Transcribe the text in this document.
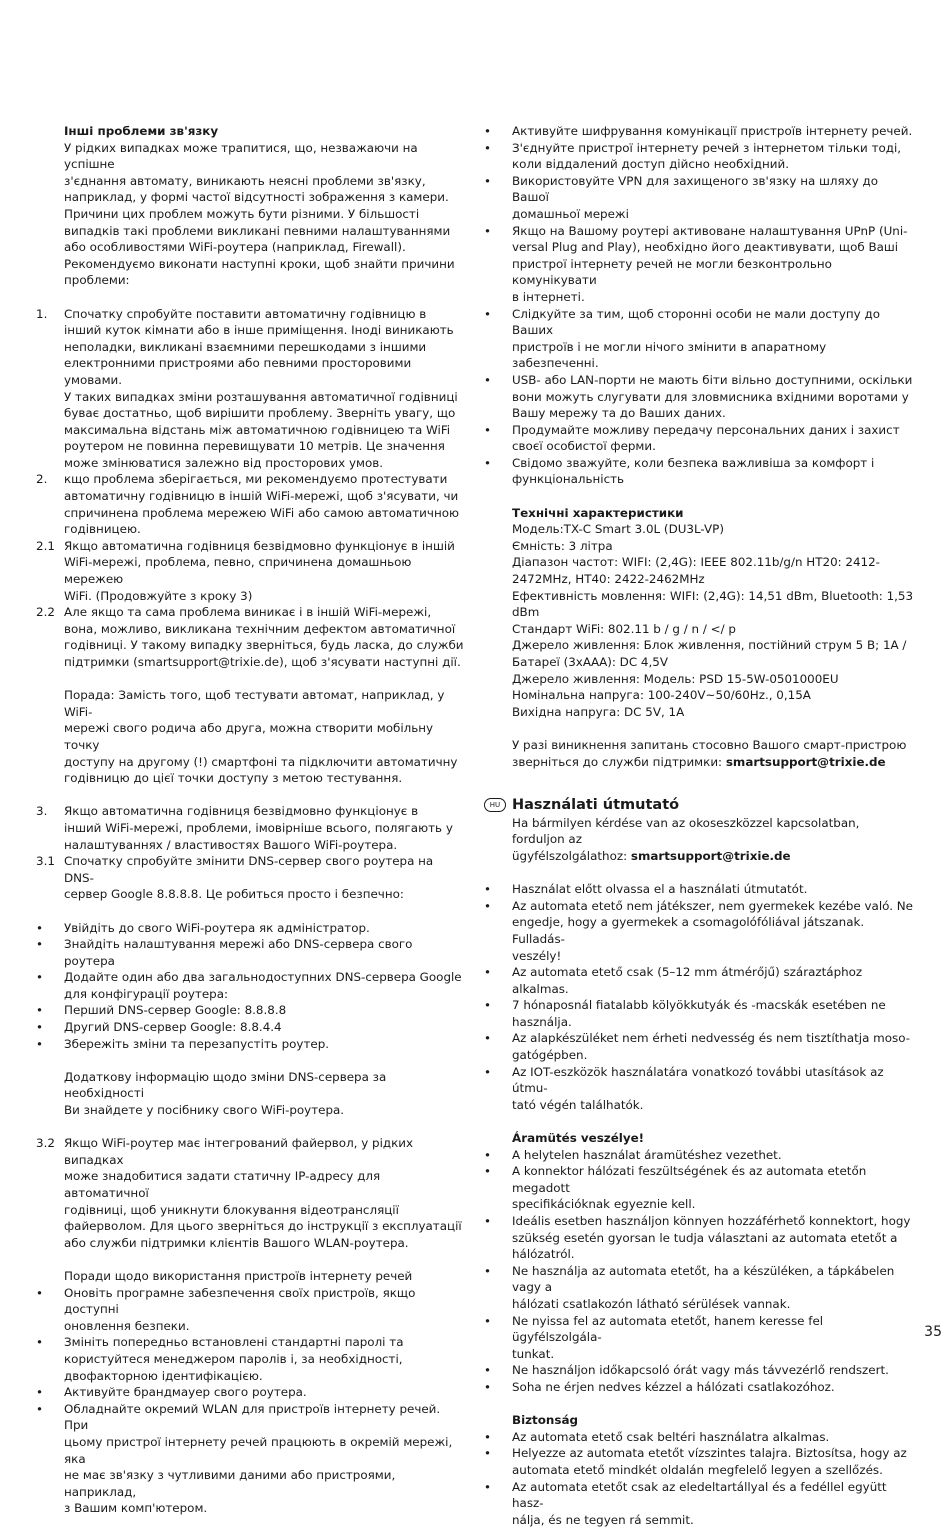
Інші проблеми зв'язку
У рідких випадках може трапитися, що, незважаючи на успішне
з'єднання автомату, виникають неясні проблеми зв'язку,
наприклад, у формі частої відсутності зображення з камери.
Причини цих проблем можуть бути різними. У більшості
випадків такі проблеми викликані певними налаштуваннями
або особливостями WiFi-роутера (наприклад, Firewall).
Рекомендуємо виконати наступні кроки, щоб знайти причини
проблеми:
1. Спочатку спробуйте поставити автоматичну годівницю в
інший куток кімнати або в інше приміщення. Іноді виникають
неполадки, викликані взаємними перешкодами з іншими
електронними пристроями або певними просторовими умовами.
У таких випадках зміни розташування автоматичної годівниці
буває достатньо, щоб вирішити проблему. Зверніть увагу, що
максимальна відстань між автоматичною годівницею та WiFi
роутером не повинна перевищувати 10 метрів. Це значення
може змінюватися залежно від просторових умов.
2. кщо проблема зберігається, ми рекомендуємо протестувати
автоматичну годівницю в іншій WiFi-мережі, щоб з'ясувати, чи
спричинена проблема мережею WiFi або самою автоматичною
годівницею.
2.1 Якщо автоматична годівниця безвідмовно функціонує в іншій
WiFi-мережі, проблема, певно, спричинена домашньою мережею
WiFi. (Продовжуйте з кроку 3)
2.2 Але якщо та сама проблема виникає і в іншій WiFi-мережі,
вона, можливо, викликана технічним дефектом автоматичної
годівниці. У такому випадку зверніться, будь ласка, до служби
підтримки (smartsupport@trixie.de), щоб з'ясувати наступні дії.
Порада: Замість того, щоб тестувати автомат, наприклад, у WiFi-
мережі свого родича або друга, можна створити мобільну точку
доступу на другому (!) смартфоні та підключити автоматичну
годівницю до цієї точки доступу з метою тестування.
3. Якщо автоматична годівниця безвідмовно функціонує в
інший WiFi-мережі, проблеми, імовірніше всього, полягають у
налаштуваннях / властивостях Вашого WiFi-роутера.
3.1 Спочатку спробуйте змінити DNS-сервер свого роутера на DNS-
сервер Google 8.8.8.8. Це робиться просто і безпечно:
• Увійдіть до свого WiFi-роутера як адміністратор.
• Знайдіть налаштування мережі або DNS-сервера свого роутера
• Додайте один або два загальнодоступних DNS-сервера Google
для конфігурації роутера:
• Перший DNS-сервер Google: 8.8.8.8
• Другий DNS-сервер Google: 8.8.4.4
• Збережіть зміни та перезапустіть роутер.
Додаткову інформацію щодо зміни DNS-сервера за необхідності
Ви знайдете у посібнику свого WiFi-роутера.
3.2 Якщо WiFi-роутер має інтегрований файервол, у рідких випадках
може знадобитися задати статичну IP-адресу для автоматичної
годівниці, щоб уникнути блокування відеотрансляції
файерволом. Для цього зверніться до інструкції з експлуатації
або служби підтримки клієнтів Вашого WLAN-роутера.
Поради щодо використання пристроїв інтернету речей
• Оновіть програмне забезпечення своїх пристроїв, якщо доступні
оновлення безпеки.
• Змініть попередньо встановлені стандартні паролі та
користуйтеся менеджером паролів і, за необхідності,
двофакторною ідентифікацією.
• Активуйте брандмауер свого роутера.
• Обладнайте окремий WLAN для пристроїв інтернету речей. При
цьому пристрої інтернету речей працюють в окремій мережі, яка
не має зв'язку з чутливими даними або пристроями, наприклад,
з Вашим комп'ютером.
• Активуйте шифрування комунікації пристроїв інтернету речей.
• З'єднуйте пристрої інтернету речей з інтернетом тільки тоді,
коли віддалений доступ дійсно необхідний.
• Використовуйте VPN для захищеного зв'язку на шляху до Вашої
домашньої мережі
• Якщо на Вашому роутері активоване налаштування UPnP (Uni-
versal Plug and Play), необхідно його деактивувати, щоб Ваші
пристрої інтернету речей не могли безконтрольно комунікувати
в інтернеті.
• Слідкуйте за тим, щоб сторонні особи не мали доступу до Ваших
пристроїв і не могли нічого змінити в апаратному забезпеченні.
• USB- або LAN-порти не мають біти вільно доступними, оскільки
вони можуть слугувати для зловмисника вхідними воротами у
Вашу мережу та до Ваших даних.
• Продумайте можливу передачу персональних даних і захист
своєї особистої ферми.
• Свідомо зважуйте, коли безпека важливіша за комфорт і
функціональність
Технічні характеристики
Модель:TX-C Smart 3.0L (DU3L-VP)
Ємність: 3 літра
Діапазон частот: WIFI: (2,4G): IEEE 802.11b/g/n HT20: 2412-
2472MHz, HT40: 2422-2462MHz
Ефективність мовлення: WIFI: (2,4G): 14,51 dBm, Bluetooth: 1,53 dBm
Стандарт WiFi: 802.11 b / g / n / </ p
Джерело живлення: Блок живлення, постійний струм 5 В; 1А /
Батареї (3хААА): DC 4,5V
Джерело живлення: Модель: PSD 15-5W-0501000EU
Номінальна напруга: 100-240V~50/60Hz., 0,15A
Вихідна напруга: DC 5V, 1A
У разі виникнення запитань стосовно Вашого смарт-пристрою
зверніться до служби підтримки: smartsupport@trixie.de
HU Használati útmutató
Ha bármilyen kérdése van az okoseszközzel kapcsolatban, forduljon az
ügyfélszolgálathoz: smartsupport@trixie.de
• Használat előtt olvassa el a használati útmutatót.
• Az automata etető nem játékszer, nem gyermekek kezébe való. Ne
engedje, hogy a gyermekek a csomagolófóliával játszanak. Fulladás-
veszély!
• Az automata etető csak (5–12 mm átmérőjű) száraztáphoz alkalmas.
• 7 hónaposnál fiatalabb kölyökkutyák és -macskák esetében ne használja.
• Az alapkészüléket nem érheti nedvesség és nem tisztíthatja moso-
gatógépben.
• Az IOT-eszközök használatára vonatkozó további utasítások az útmu-
tató végén találhatók.
Áramütés veszélye!
• A helytelen használat áramütéshez vezethet.
• A konnektor hálózati feszültségének és az automata etetőn megadott
specifikációknak egyeznie kell.
• Ideális esetben használjon könnyen hozzáférhető konnektort, hogy
szükség esetén gyorsan le tudja választani az automata etetőt a
hálózatról.
• Ne használja az automata etetőt, ha a készüléken, a tápkábelen vagy a
hálózati csatlakozón látható sérülések vannak.
• Ne nyissa fel az automata etetőt, hanem keresse fel ügyfélszolgála-
tunkat.
• Ne használjon időkapcsoló órát vagy más távvezérlő rendszert.
• Soha ne érjen nedves kézzel a hálózati csatlakozóhoz.
Biztonság
• Az automata etető csak beltéri használatra alkalmas.
• Helyezze az automata etetőt vízszintes talajra. Biztosítsa, hogy az
automata etető mindkét oldalán megfelelő legyen a szellőzés.
• Az automata etetőt csak az eledeltartállyal és a fedéllel együtt hasz-
nálja, és ne tegyen rá semmit.
35
